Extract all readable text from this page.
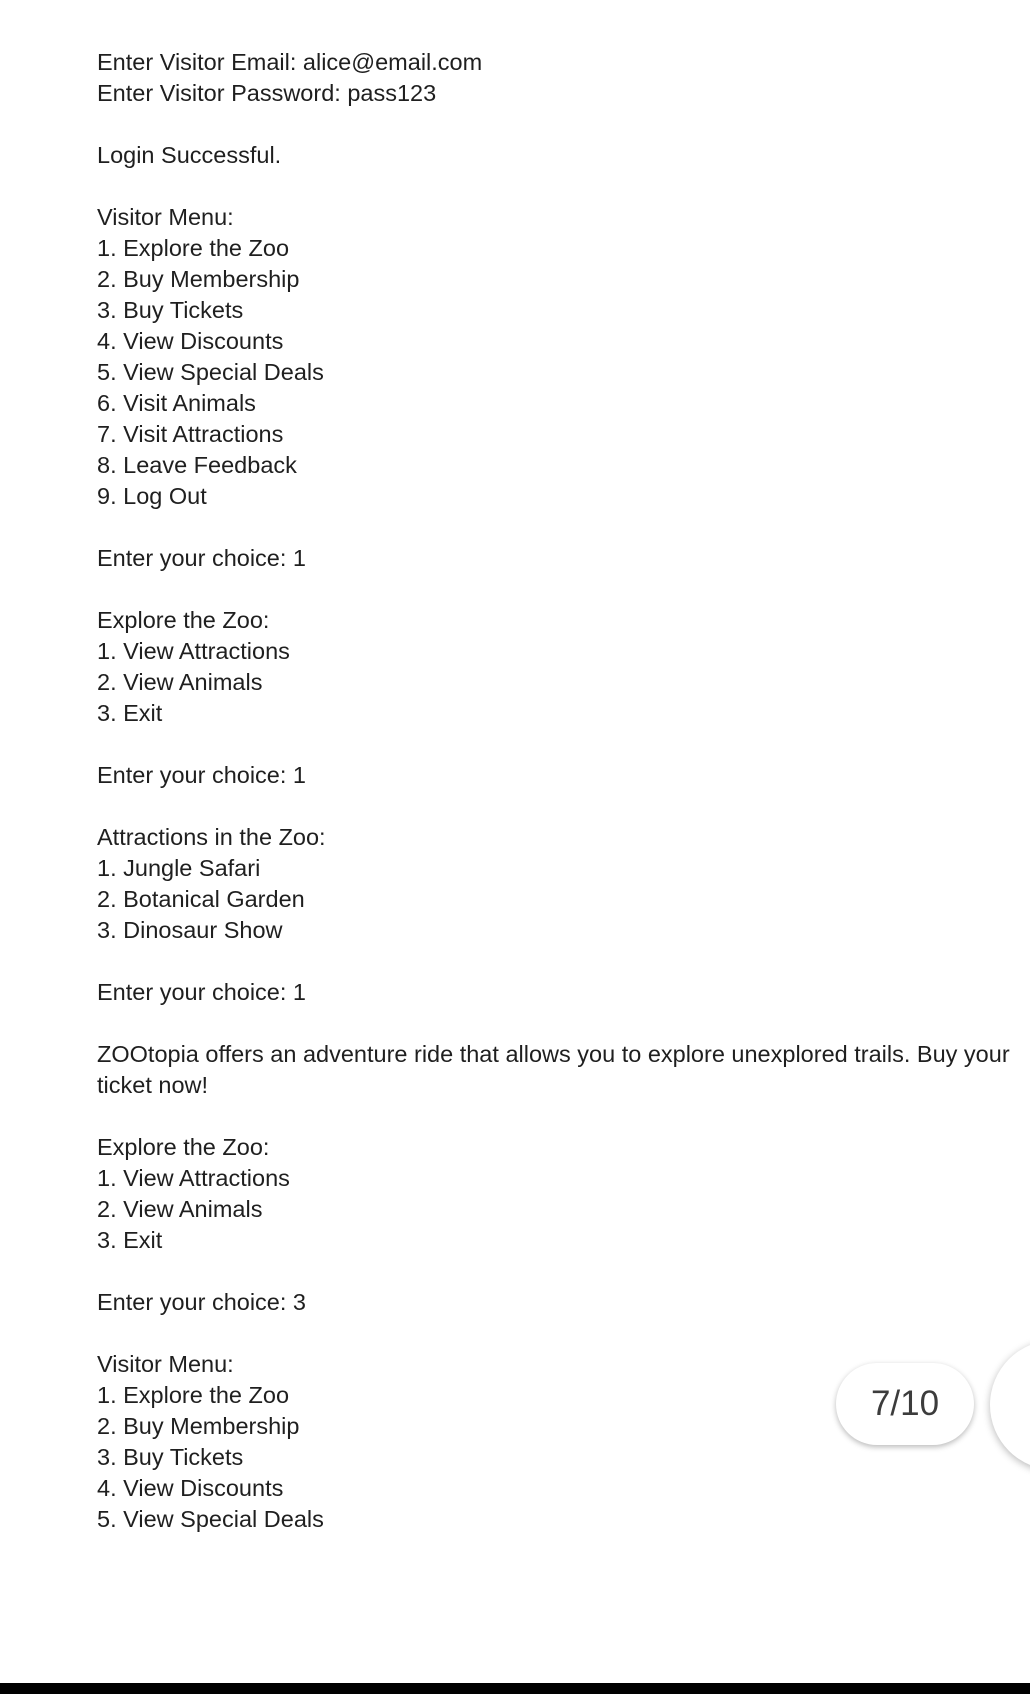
Enter Visitor Email: alice@email.com
Enter Visitor Password: pass123
Login Successful.
Visitor Menu:
1. Explore the Zoo
2. Buy Membership
3. Buy Tickets
4. View Discounts
5. View Special Deals
6. Visit Animals
7. Visit Attractions
8. Leave Feedback
9. Log Out
Enter your choice: 1
Explore the Zoo:
1. View Attractions
2. View Animals
3. Exit
Enter your choice: 1
Attractions in the Zoo:
1. Jungle Safari
2. Botanical Garden
3. Dinosaur Show
Enter your choice: 1
ZOOtopia offers an adventure ride that allows you to explore unexplored trails. Buy your
ticket now!
Explore the Zoo:
1. View Attractions
2. View Animals
3. Exit
Enter your choice: 3
Visitor Menu:
1. Explore the Zoo
2. Buy Membership
3. Buy Tickets
4. View Discounts
5. View Special Deals
7/10
